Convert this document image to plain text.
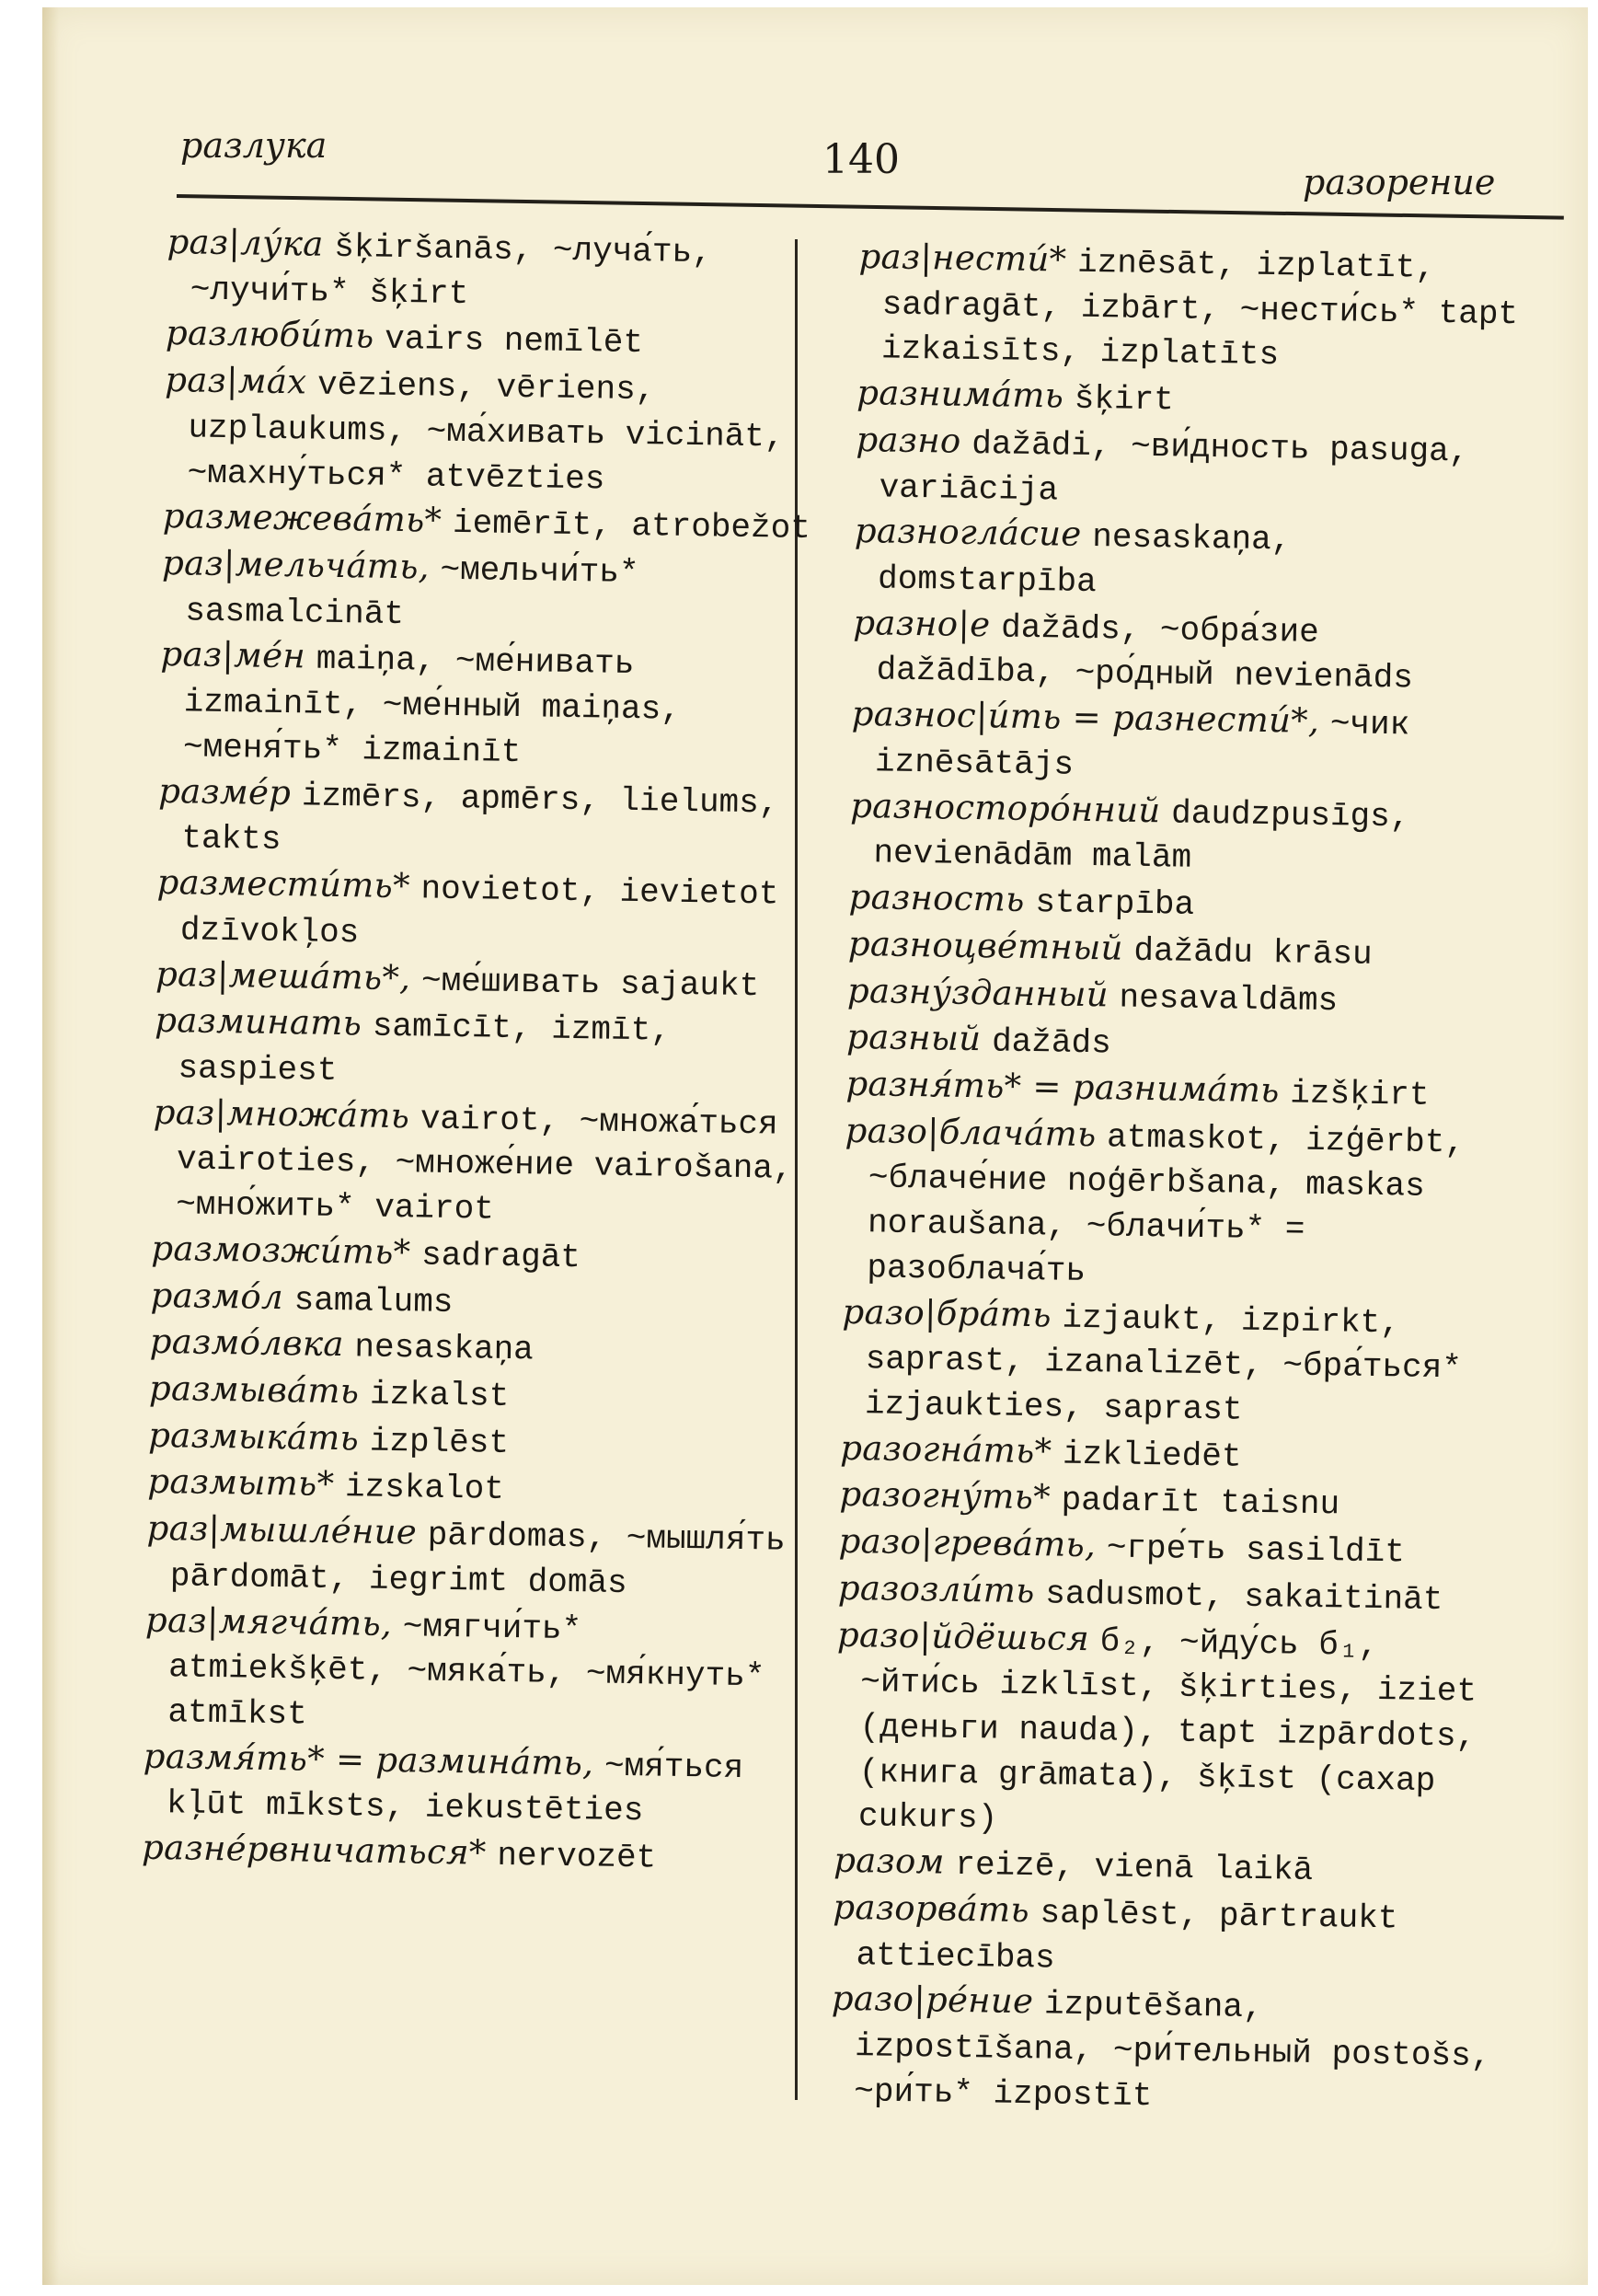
разлука	140	разорение
раз|лу́ка šķiršanās, ~луча́ть, ~лучи́ть* šķirt
разлюби́ть vairs nemīlēt
раз|ма́х vēziens, vēriens, uzplaukums, ~ма́хивать vicināt, ~махну́ться* atvēzties
размежева́ть* iemērīt, atrobežot
раз|мельча́ть, ~мельчи́ть* sasmalcināt
раз|ме́н maiņa, ~ме́нивать izmainīt, ~ме́нный maiņas, ~меня́ть* izmainīt
разме́р izmērs, apmērs, lielums, takts
размести́ть* novietot, ievietot dzīvokļos
раз|меша́ть*, ~ме́шивать sajaukt
разминать samīcīt, izmīt, saspiest
раз|множа́ть vairot, ~множа́ться vairoties, ~множе́ние vairošana, ~мно́жить* vairot
размозжи́ть* sadragāt
размо́л samalums
размо́лвка nesaskaņa
размыва́ть izkalst
размыка́ть izplēst
размыть* izskalot
раз|мышле́ние pārdomas, ~мышля́ть pārdomāt, iegrimt domās
раз|мягча́ть, ~мягчи́ть* atmiekšķēt, ~мяка́ть, ~мя́кнуть* atmīkst
размя́ть* = размина́ть, ~мя́ться kļūt mīksts, iekustēties
разне́рвничаться* nervozēt
раз|нести́* iznēsāt, izplatīt, sadragāt, izbārt, ~нести́сь* tapt izkaisīts, izplatīts
разнима́ть šķirt
разно dažādi, ~ви́дность pasuga, variācija
разногла́сие nesaskaņa, domstarpība
разно|е dažāds, ~обра́зие dažādība, ~ро́дный nevienāds
разнос|и́ть = разнести́*, ~чик iznēsātājs
разносторо́нний daudzpusīgs, nevienādām malām
разность starpība
разноцве́тный dažādu krāsu
разну́зданный nesavaldāms
разный dažāds
разня́ть* = разнима́ть izšķirt
разо|блача́ть atmaskot, izģērbt, ~блаче́ние noģērbšana, maskas noraušana, ~блачи́ть* = разоблача́ть
разо|бра́ть izjaukt, izpirkt, saprast, izanalizēt, ~бра́ться* izjaukties, saprast
разогна́ть* izkliedēt
разогну́ть* padarīt taisnu
разо|грева́ть, ~гре́ть sasildīt
разозли́ть sadusmot, sakaitināt
разо|йдёшься б₂, ~йду́сь б₁, ~йти́сь izklīst, šķirties, iziet (деньги nauda), tapt izpārdots, (книга grāmata), šķīst (сахар cukurs)
разом reizē, vienā laikā
разорва́ть saplēst, pārtraukt attiecības
разо|ре́ние izputēšana, izpostīšana, ~ри́тельный postošs, ~ри́ть* izpostīt
